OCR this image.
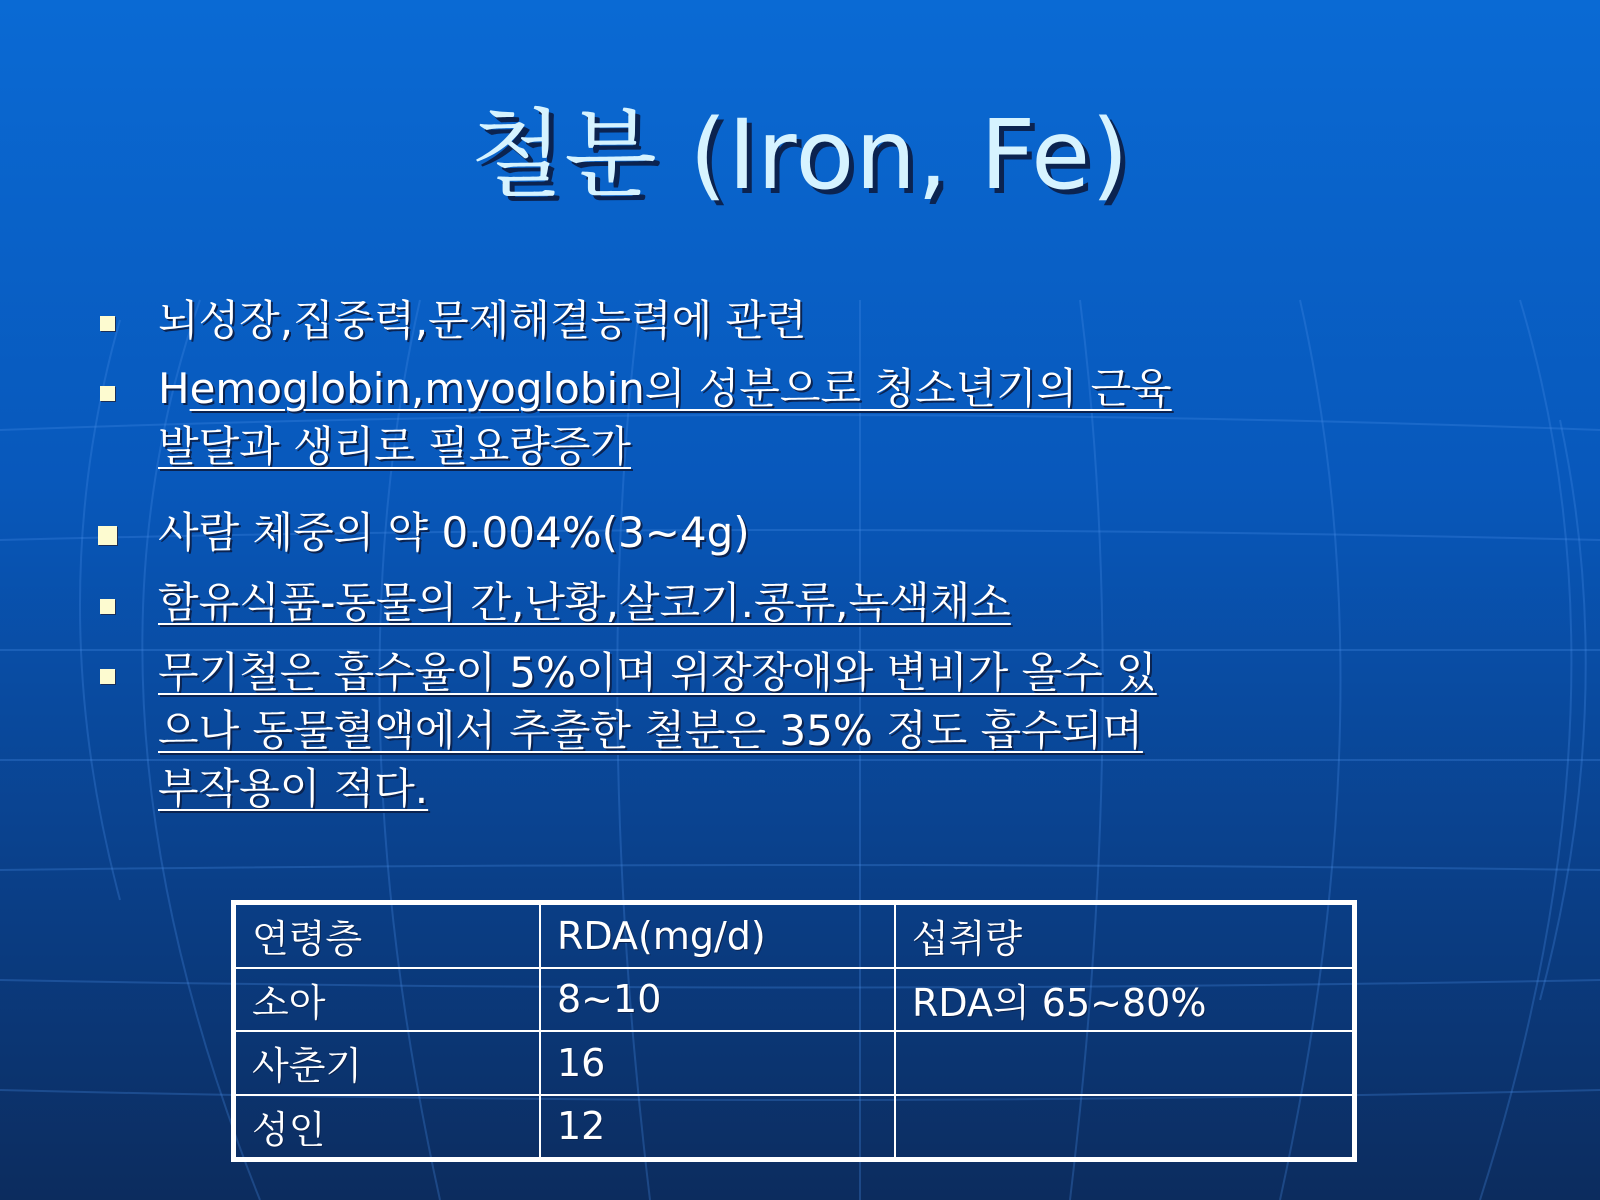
철분 (Iron, Fe)
뇌성장,집중력,문제해결능력에 관련
Hemoglobin,myoglobin의 성분으로 청소년기의 근육
발달과 생리로 필요량증가
사람 체중의 약 0.004%(3~4g)
함유식품-동물의 간,난황,살코기.콩류,녹색채소
무기철은 흡수율이 5%이며 위장장애와 변비가 올수 있
으나 동물혈액에서 추출한 철분은 35% 정도 흡수되며
부작용이 적다.
연령층	RDA(mg/d)	섭취량
소아	8~10	RDA의 65~80%
사춘기	16	
성인	12	
